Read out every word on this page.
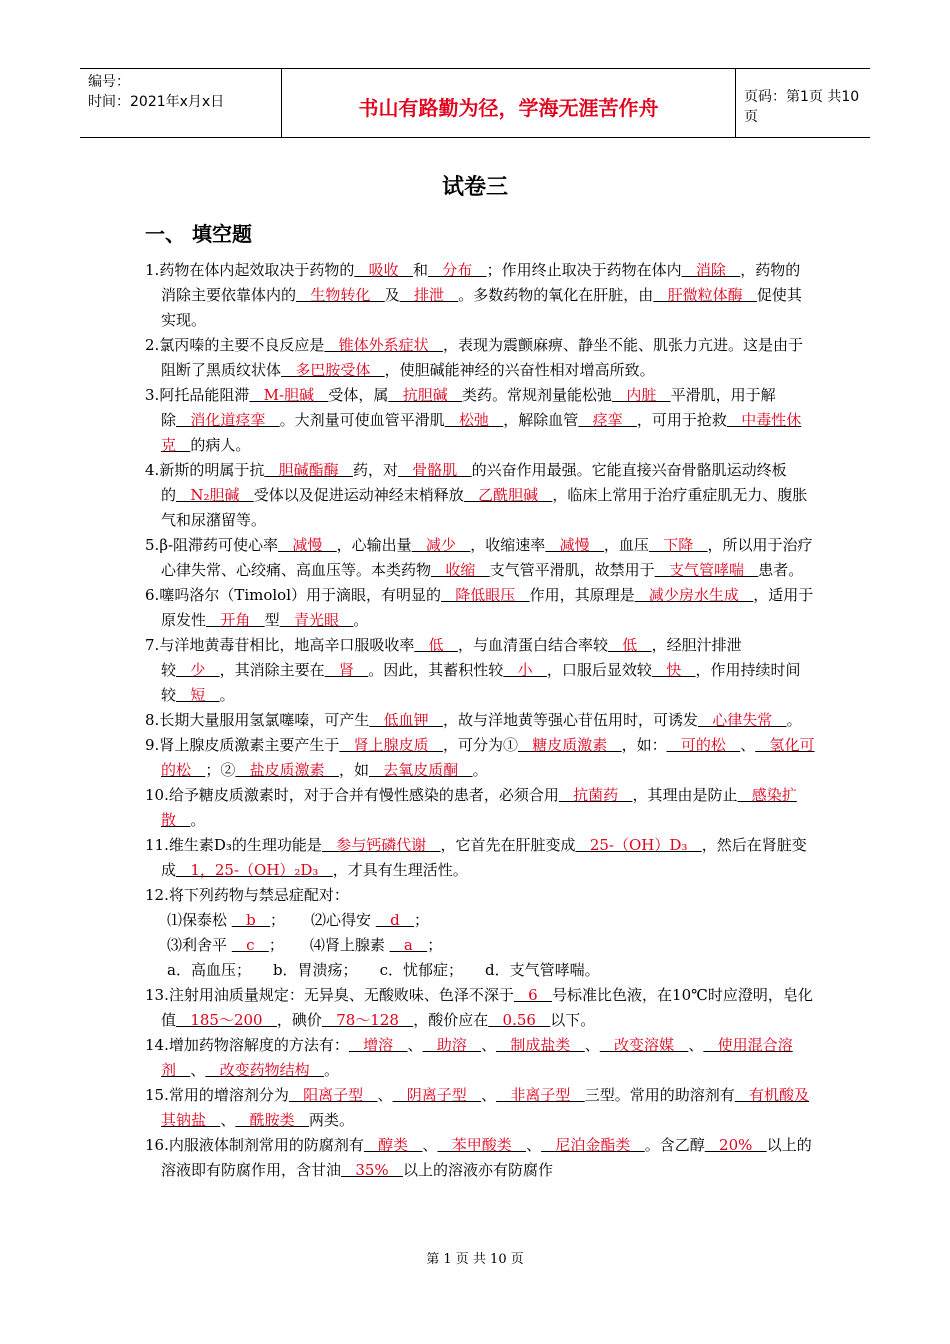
编号：
时间：2021年x月x日	书山有路勤为径，学海无涯苦作舟	页码：第1页 共10页
试卷三
一、 填空题

1.药物在体内起效取决于药物的   吸收   和   分布   ；作用终止取决于药物在体内   消除   ，药物的消除主要依靠体内的   生物转化   及   排泄   。多数药物的氧化在肝脏，由   肝微粒体酶   促使其实现。

2.氯丙嗪的主要不良反应是   锥体外系症状   ，表现为震颤麻痹、静坐不能、肌张力亢进。这是由于阻断了黑质纹状体   多巴胺受体   ，使胆碱能神经的兴奋性相对增高所致。

3.阿托品能阻滞   M-胆碱   受体，属   抗胆碱   类药。常规剂量能松弛   内脏   平滑肌，用于解除   消化道痉挛   。大剂量可使血管平滑肌   松弛   ，解除血管   痉挛   ，可用于抢救   中毒性休克   的病人。

4.新斯的明属于抗   胆碱酯酶   药，对   骨骼肌   的兴奋作用最强。它能直接兴奋骨骼肌运动终板的   N₂胆碱   受体以及促进运动神经末梢释放   乙酰胆碱   ，临床上常用于治疗重症肌无力、腹胀气和尿潴留等。

5.β-阻滞药可使心率   减慢   ，心输出量   减少   ，收缩速率   减慢   ，血压   下降   ，所以用于治疗心律失常、心绞痛、高血压等。本类药物   收缩   支气管平滑肌，故禁用于   支气管哮喘   患者。

6.噻吗洛尔（Timolol）用于滴眼，有明显的   降低眼压   作用，其原理是   减少房水生成   ，适用于原发性   开角   型   青光眼   。

7.与洋地黄毒苷相比，地高辛口服吸收率   低   ，与血清蛋白结合率较   低   ，经胆汁排泄较   少   ，其消除主要在   肾   。因此，其蓄积性较   小   ，口服后显效较   快   ，作用持续时间较   短   。

8.长期大量服用氢氯噻嗪，可产生   低血钾   ，故与洋地黄等强心苷伍用时，可诱发   心律失常   。

9.肾上腺皮质激素主要产生于   肾上腺皮质   ，可分为①   糖皮质激素   ，如：   可的松   、   氢化可的松   ；②   盐皮质激素   ，如   去氧皮质酮   。

10.给予糖皮质激素时，对于合并有慢性感染的患者，必须合用   抗菌药   ，其理由是防止   感染扩散   。

11.维生素D₃的生理功能是   参与钙磷代谢   ，它首先在肝脏变成   25-（OH）D₃   ，然后在肾脏变成   1，25-（OH）₂D₃   ，才具有生理活性。

12.将下列药物与禁忌症配对：

⑴保泰松    b   ； ⑵心得安    d   ；
⑶利舍平    c   ； ⑷肾上腺素    a   ；
a．高血压； b．胃溃疡； c．忧郁症； d．支气管哮喘。

13.注射用油质量规定：无异臭、无酸败味、色泽不深于   6   号标准比色液，在10℃时应澄明，皂化值   185～200   ，碘价   78～128   ，酸价应在   0.56   以下。

14.增加药物溶解度的方法有：   增溶   、   助溶   、   制成盐类   、   改变溶媒   、   使用混合溶剂   、   改变药物结构   。

15.常用的增溶剂分为   阳离子型   、   阴离子型   、   非离子型   三型。常用的助溶剂有   有机酸及其钠盐   、   酰胺类   两类。

16.内服液体制剂常用的防腐剂有   醇类   、   苯甲酸类   、   尼泊金酯类   。含乙醇   20%   以上的溶液即有防腐作用，含甘油   35%   以上的溶液亦有防腐作

第 1 页 共 10 页
